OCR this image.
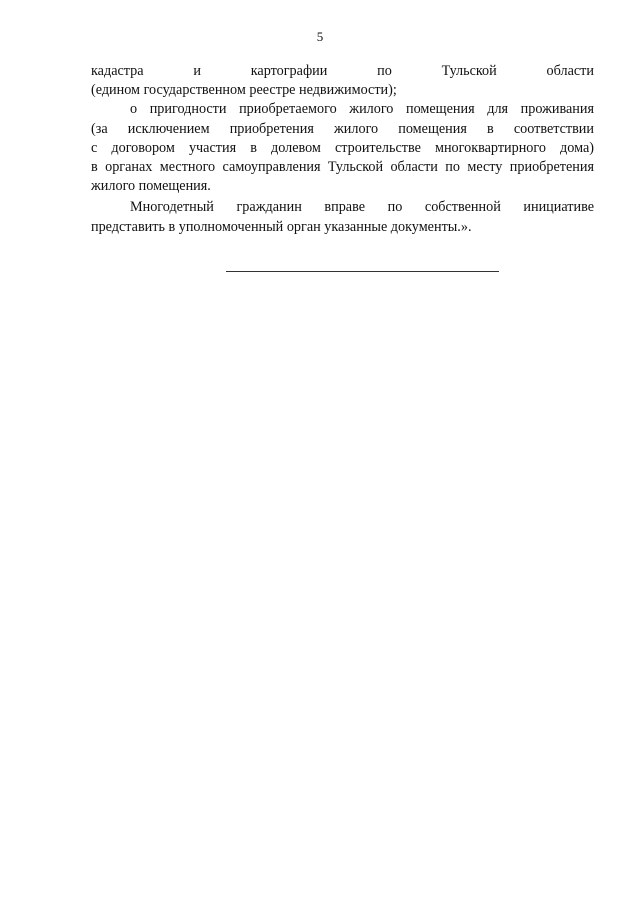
5
кадастра	и	картографии	по	Тульской	области
(едином государственном реестре недвижимости);
о пригодности приобретаемого жилого помещения для проживания
(за исключением приобретения жилого помещения в соответствии
с договором участия в долевом строительстве многоквартирного дома)
в органах местного самоуправления Тульской области по месту приобретения
жилого помещения.
Многодетный гражданин вправе по собственной инициативе
представить в уполномоченный орган указанные документы.».
